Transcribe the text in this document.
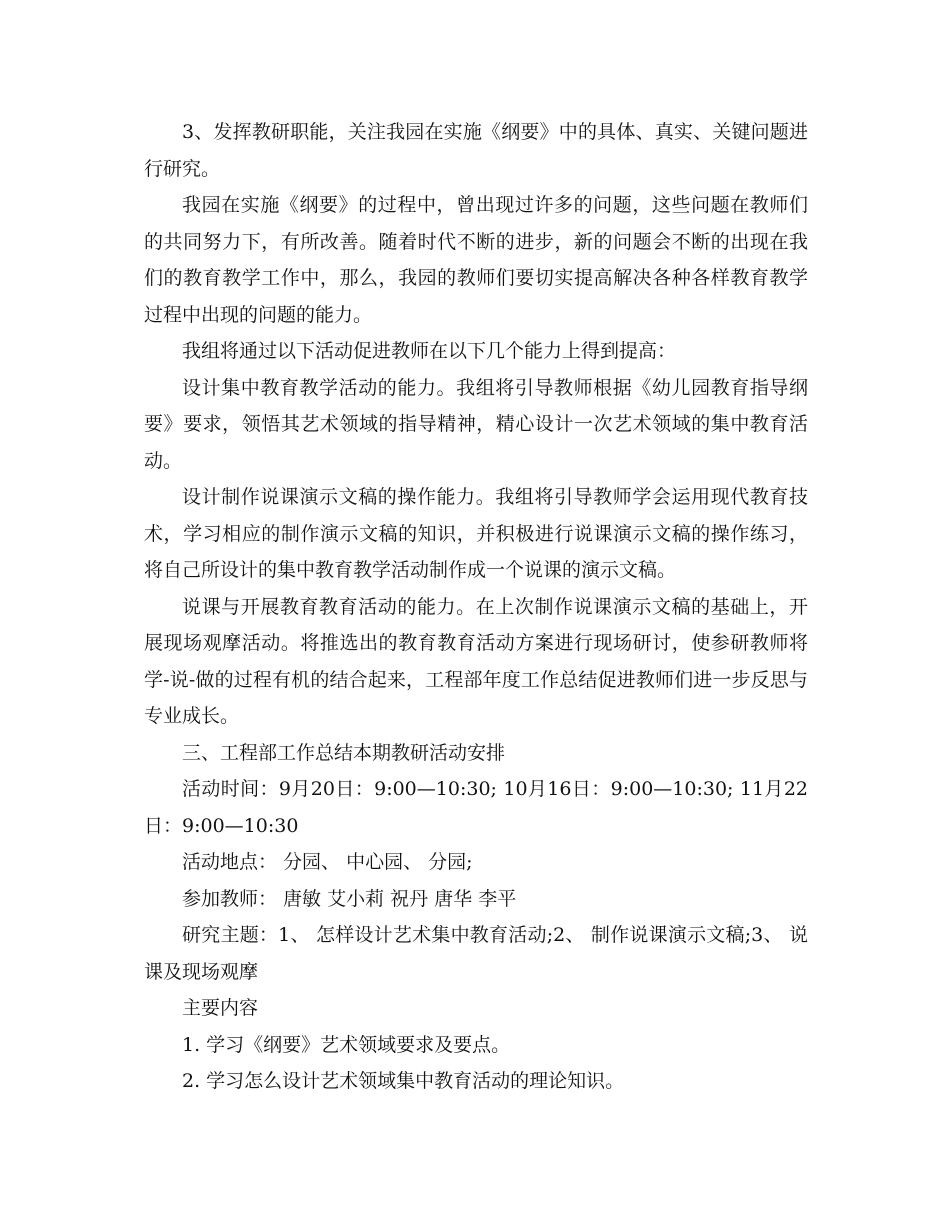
3、发挥教研职能，关注我园在实施《纲要》中的具体、真实、关键问题进行研究。

我园在实施《纲要》的过程中，曾出现过许多的问题，这些问题在教师们的共同努力下，有所改善。随着时代不断的进步，新的问题会不断的出现在我们的教育教学工作中，那么，我园的教师们要切实提高解决各种各样教育教学过程中出现的问题的能力。

我组将通过以下活动促进教师在以下几个能力上得到提高：

设计集中教育教学活动的能力。我组将引导教师根据《幼儿园教育指导纲要》要求，领悟其艺术领域的指导精神，精心设计一次艺术领域的集中教育活动。

设计制作说课演示文稿的操作能力。我组将引导教师学会运用现代教育技术，学习相应的制作演示文稿的知识，并积极进行说课演示文稿的操作练习，将自己所设计的集中教育教学活动制作成一个说课的演示文稿。

说课与开展教育教育活动的能力。在上次制作说课演示文稿的基础上，开展现场观摩活动。将推选出的教育教育活动方案进行现场研讨，使参研教师将学-说-做的过程有机的结合起来，工程部年度工作总结促进教师们进一步反思与专业成长。

三、工程部工作总结本期教研活动安排

活动时间：9月20日：9:00—10:30; 10月16日：9:00—10:30; 11月22日：9:00—10:30

活动地点： 分园、 中心园、 分园;

参加教师： 唐敏 艾小莉 祝丹 唐华 李平

研究主题：1、 怎样设计艺术集中教育活动;2、 制作说课演示文稿;3、 说课及现场观摩

主要内容

1. 学习《纲要》艺术领域要求及要点。

2. 学习怎么设计艺术领域集中教育活动的理论知识。
